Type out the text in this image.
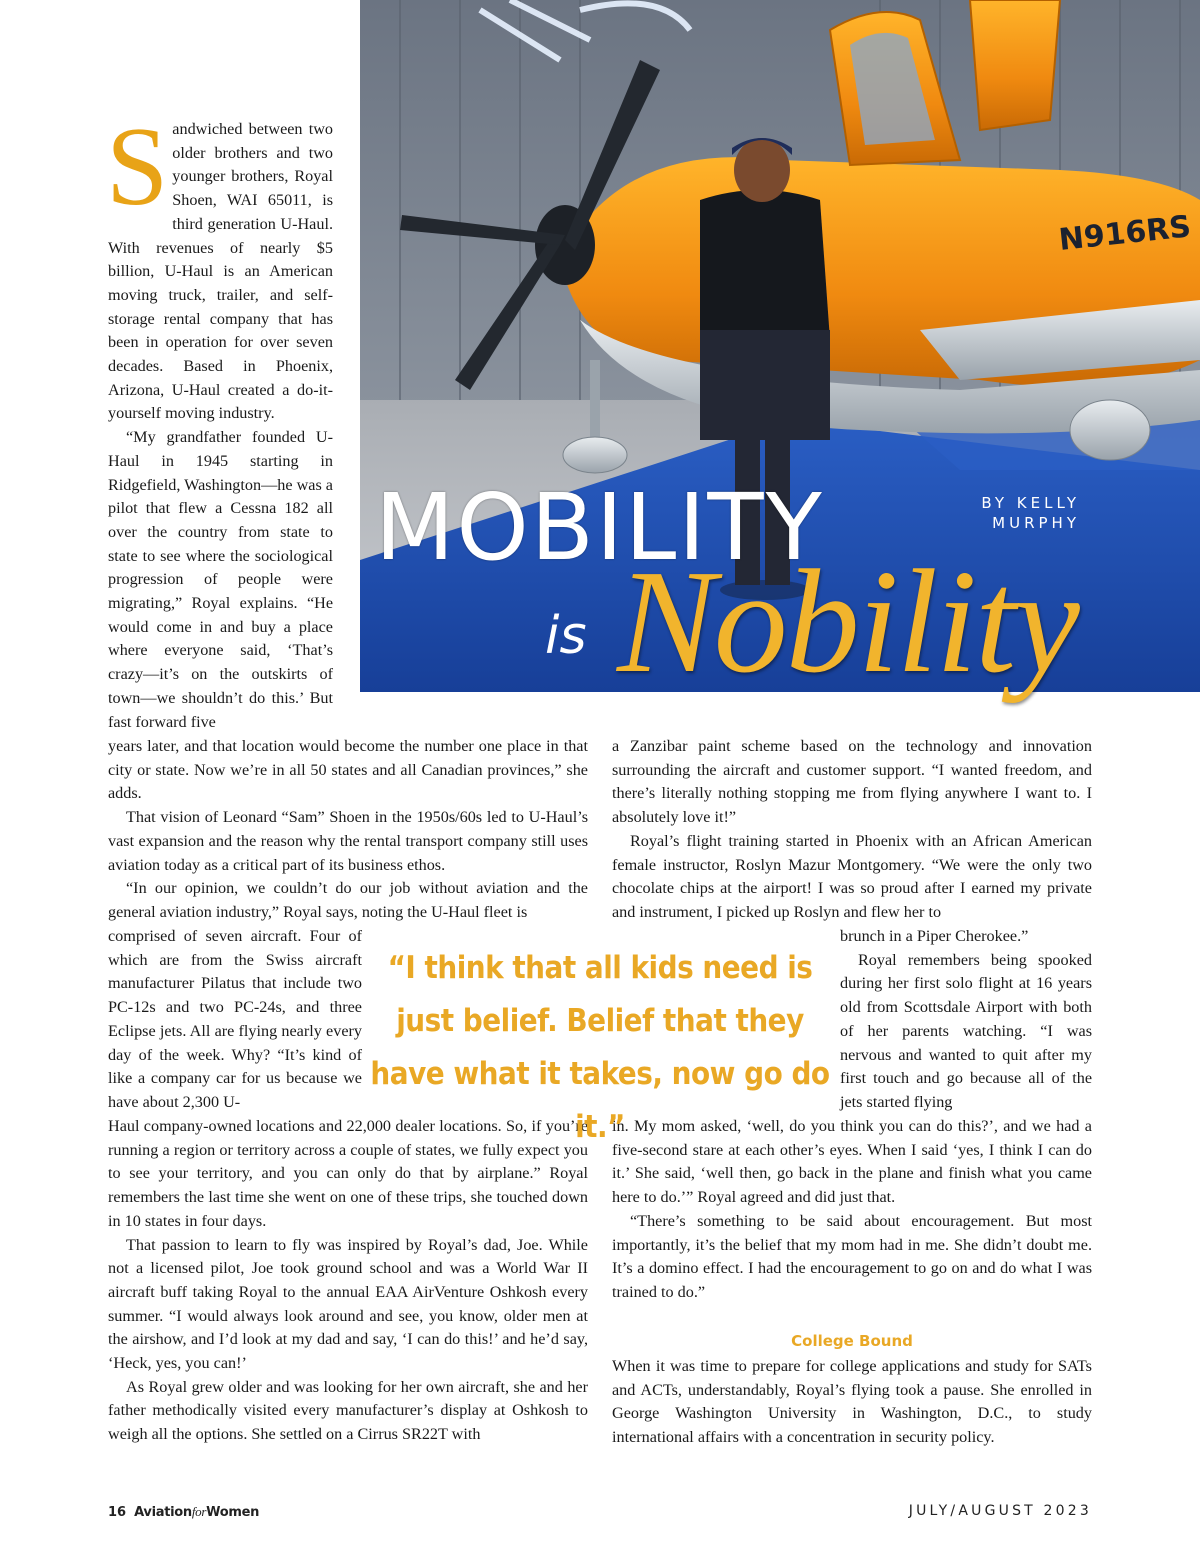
N916RS
MOBILITY
Nobility
is
BY KELLY
MURPHY

Sandwiched between two older brothers and two younger brothers, Royal Shoen, WAI 65011, is third generation U-Haul. With revenues of nearly $5 billion, U-Haul is an American moving truck, trailer, and self-storage rental company that has been in operation for over seven decades. Based in Phoenix, Arizona, U-Haul created a do-it-yourself moving industry.

“My grandfather founded U-Haul in 1945 starting in Ridgefield, Washington—he was a pilot that flew a Cessna 182 all over the country from state to state to see where the sociological progression of people were migrating,” Royal explains. “He would come in and buy a place where everyone said, ‘That’s crazy—it’s on the outskirts of town—we shouldn’t do this.’ But fast forward five

years later, and that location would become the number one place in that city or state. Now we’re in all 50 states and all Canadian provinces,” she adds.

That vision of Leonard “Sam” Shoen in the 1950s/60s led to U-Haul’s vast expansion and the reason why the rental transport company still uses aviation today as a critical part of its business ethos.

“In our opinion, we couldn’t do our job without aviation and the general aviation industry,” Royal says, noting the U-Haul fleet is

comprised of seven aircraft. Four of which are from the Swiss aircraft manufacturer Pilatus that include two PC-12s and two PC-24s, and three Eclipse jets. All are flying nearly every day of the week. Why? “It’s kind of like a company car for us because we have about 2,300 U-

Haul company-owned locations and 22,000 dealer locations. So, if you’re running a region or territory across a couple of states, we fully expect you to see your territory, and you can only do that by airplane.” Royal remembers the last time she went on one of these trips, she touched down in 10 states in four days.

That passion to learn to fly was inspired by Royal’s dad, Joe. While not a licensed pilot, Joe took ground school and was a World War II aircraft buff taking Royal to the annual EAA AirVenture Oshkosh every summer. “I would always look around and see, you know, older men at the airshow, and I’d look at my dad and say, ‘I can do this!’ and he’d say, ‘Heck, yes, you can!’

As Royal grew older and was looking for her own aircraft, she and her father methodically visited every manufacturer’s display at Oshkosh to weigh all the options. She settled on a Cirrus SR22T with

a Zanzibar paint scheme based on the technology and innovation surrounding the aircraft and customer support. “I wanted freedom, and there’s literally nothing stopping me from flying anywhere I want to. I absolutely love it!”

Royal’s flight training started in Phoenix with an African American female instructor, Roslyn Mazur Montgomery. “We were the only two chocolate chips at the airport! I was so proud after I earned my private and instrument, I picked up Roslyn and flew her to

brunch in a Piper Cherokee.”

Royal remembers being spooked during her first solo flight at 16 years old from Scottsdale Airport with both of her parents watching. “I was nervous and wanted to quit after my first touch and go because all of the jets started flying

in. My mom asked, ‘well, do you think you can do this?’, and we had a five-second stare at each other’s eyes. When I said ‘yes, I think I can do it.’ She said, ‘well then, go back in the plane and finish what you came here to do.’” Royal agreed and did just that.

“There’s something to be said about encouragement. But most importantly, it’s the belief that my mom had in me. She didn’t doubt me. It’s a domino effect. I had the encouragement to go on and do what I was trained to do.”

College Bound

When it was time to prepare for college applications and study for SATs and ACTs, understandably, Royal’s flying took a pause. She enrolled in George Washington University in Washington, D.C., to study international affairs with a concentration in security policy.

“I think that all kids need is just belief. Belief that they have what it takes, now go do it.”
16 AviationforWomen	JULY/AUGUST 2023
